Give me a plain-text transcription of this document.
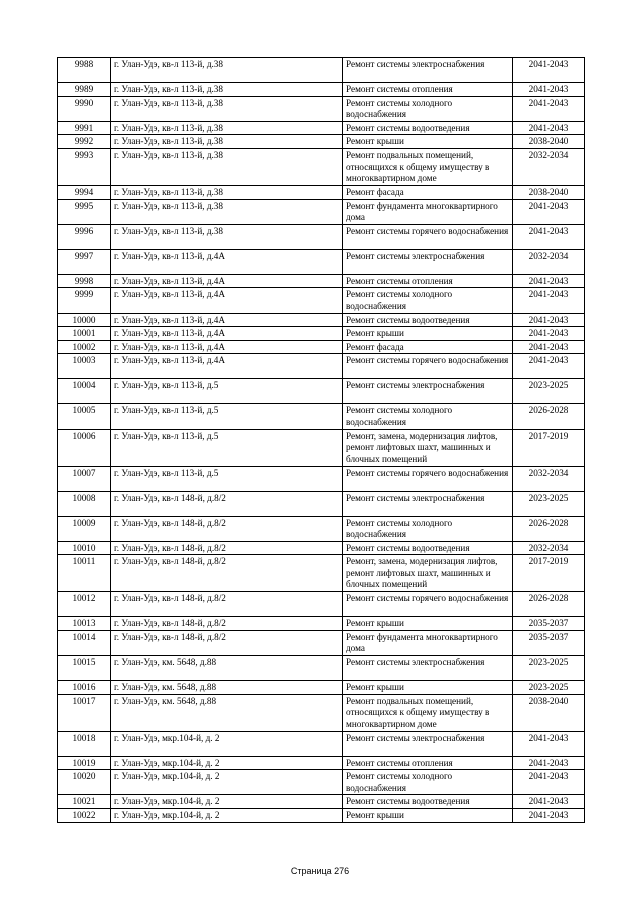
9988	г. Улан-Удэ, кв-л 113-й, д.38	Ремонт системы электроснабжения	2041-2043
9989	г. Улан-Удэ, кв-л 113-й, д.38	Ремонт системы отопления	2041-2043
9990	г. Улан-Удэ, кв-л 113-й, д.38	Ремонт системы холодного водоснабжения	2041-2043
9991	г. Улан-Удэ, кв-л 113-й, д.38	Ремонт системы водоотведения	2041-2043
9992	г. Улан-Удэ, кв-л 113-й, д.38	Ремонт крыши	2038-2040
9993	г. Улан-Удэ, кв-л 113-й, д.38	Ремонт подвальных помещений, относящихся к общему имуществу в многоквартирном доме	2032-2034
9994	г. Улан-Удэ, кв-л 113-й, д.38	Ремонт фасада	2038-2040
9995	г. Улан-Удэ, кв-л 113-й, д.38	Ремонт фундамента многоквартирного дома	2041-2043
9996	г. Улан-Удэ, кв-л 113-й, д.38	Ремонт системы горячего водоснабжения	2041-2043
9997	г. Улан-Удэ, кв-л 113-й, д.4А	Ремонт системы электроснабжения	2032-2034
9998	г. Улан-Удэ, кв-л 113-й, д.4А	Ремонт системы отопления	2041-2043
9999	г. Улан-Удэ, кв-л 113-й, д.4А	Ремонт системы холодного водоснабжения	2041-2043
10000	г. Улан-Удэ, кв-л 113-й, д.4А	Ремонт системы водоотведения	2041-2043
10001	г. Улан-Удэ, кв-л 113-й, д.4А	Ремонт крыши	2041-2043
10002	г. Улан-Удэ, кв-л 113-й, д.4А	Ремонт фасада	2041-2043
10003	г. Улан-Удэ, кв-л 113-й, д.4А	Ремонт системы горячего водоснабжения	2041-2043
10004	г. Улан-Удэ, кв-л 113-й, д.5	Ремонт системы электроснабжения	2023-2025
10005	г. Улан-Удэ, кв-л 113-й, д.5	Ремонт системы холодного водоснабжения	2026-2028
10006	г. Улан-Удэ, кв-л 113-й, д.5	Ремонт, замена, модернизация лифтов, ремонт лифтовых шахт, машинных и блочных помещений	2017-2019
10007	г. Улан-Удэ, кв-л 113-й, д.5	Ремонт системы горячего водоснабжения	2032-2034
10008	г. Улан-Удэ, кв-л 148-й, д.8/2	Ремонт системы электроснабжения	2023-2025
10009	г. Улан-Удэ, кв-л 148-й, д.8/2	Ремонт системы холодного водоснабжения	2026-2028
10010	г. Улан-Удэ, кв-л 148-й, д.8/2	Ремонт системы водоотведения	2032-2034
10011	г. Улан-Удэ, кв-л 148-й, д.8/2	Ремонт, замена, модернизация лифтов, ремонт лифтовых шахт, машинных и блочных помещений	2017-2019
10012	г. Улан-Удэ, кв-л 148-й, д.8/2	Ремонт системы горячего водоснабжения	2026-2028
10013	г. Улан-Удэ, кв-л 148-й, д.8/2	Ремонт крыши	2035-2037
10014	г. Улан-Удэ, кв-л 148-й, д.8/2	Ремонт фундамента многоквартирного дома	2035-2037
10015	г. Улан-Удэ, км. 5648, д.88	Ремонт системы электроснабжения	2023-2025
10016	г. Улан-Удэ, км. 5648, д.88	Ремонт крыши	2023-2025
10017	г. Улан-Удэ, км. 5648, д.88	Ремонт подвальных помещений, относящихся к общему имуществу в многоквартирном доме	2038-2040
10018	г. Улан-Удэ, мкр.104-й, д. 2	Ремонт системы электроснабжения	2041-2043
10019	г. Улан-Удэ, мкр.104-й, д. 2	Ремонт системы отопления	2041-2043
10020	г. Улан-Удэ, мкр.104-й, д. 2	Ремонт системы холодного водоснабжения	2041-2043
10021	г. Улан-Удэ, мкр.104-й, д. 2	Ремонт системы водоотведения	2041-2043
10022	г. Улан-Удэ, мкр.104-й, д. 2	Ремонт крыши	2041-2043
Страница 276
